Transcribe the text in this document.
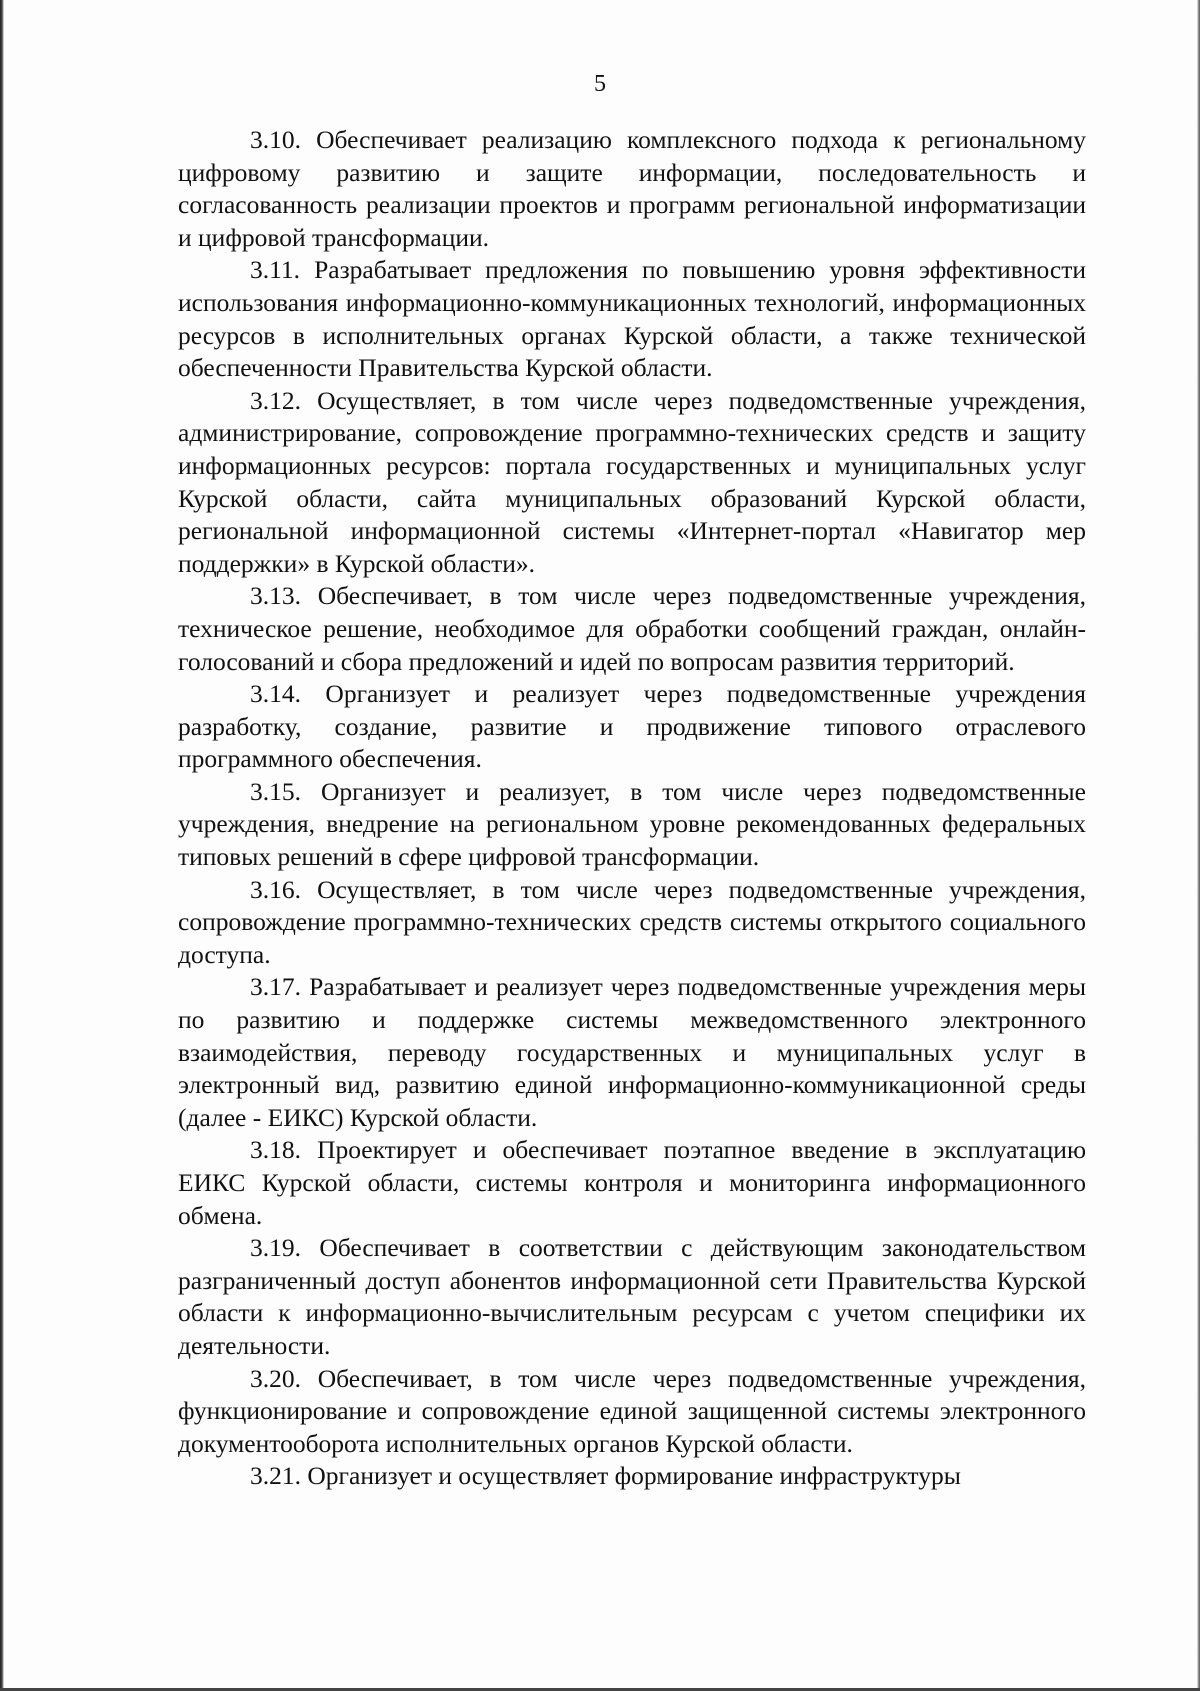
5

3.10. Обеспечивает реализацию комплексного подхода к региональному цифровому развитию и защите информации, последовательность и согласованность реализации проектов и программ региональной информатизации и цифровой трансформации.

3.11. Разрабатывает предложения по повышению уровня эффективности использования информационно-коммуникационных технологий, информационных ресурсов в исполнительных органах Курской области, а также технической обеспеченности Правительства Курской области.

3.12. Осуществляет, в том числе через подведомственные учреждения, администрирование, сопровождение программно-технических средств и защиту информационных ресурсов: портала государственных и муниципальных услуг Курской области, сайта муниципальных образований Курской области, региональной информационной системы «Интернет-портал «Навигатор мер поддержки» в Курской области».

3.13. Обеспечивает, в том числе через подведомственные учреждения, техническое решение, необходимое для обработки сообщений граждан, онлайн-голосований и сбора предложений и идей по вопросам развития территорий.

3.14. Организует и реализует через подведомственные учреждения разработку, создание, развитие и продвижение типового отраслевого программного обеспечения.

3.15. Организует и реализует, в том числе через подведомственные учреждения, внедрение на региональном уровне рекомендованных федеральных типовых решений в сфере цифровой трансформации.

3.16. Осуществляет, в том числе через подведомственные учреждения, сопровождение программно-технических средств системы открытого социального доступа.

3.17. Разрабатывает и реализует через подведомственные учреждения меры по развитию и поддержке системы межведомственного электронного взаимодействия, переводу государственных и муниципальных услуг в электронный вид, развитию единой информационно-коммуникационной среды (далее - ЕИКС) Курской области.

3.18. Проектирует и обеспечивает поэтапное введение в эксплуатацию ЕИКС Курской области, системы контроля и мониторинга информационного обмена.

3.19. Обеспечивает в соответствии с действующим законодательством разграниченный доступ абонентов информационной сети Правительства Курской области к информационно-вычислительным ресурсам с учетом специфики их деятельности.

3.20. Обеспечивает, в том числе через подведомственные учреждения, функционирование и сопровождение единой защищенной системы электронного документооборота исполнительных органов Курской области.

3.21. Организует и осуществляет формирование инфраструктуры
